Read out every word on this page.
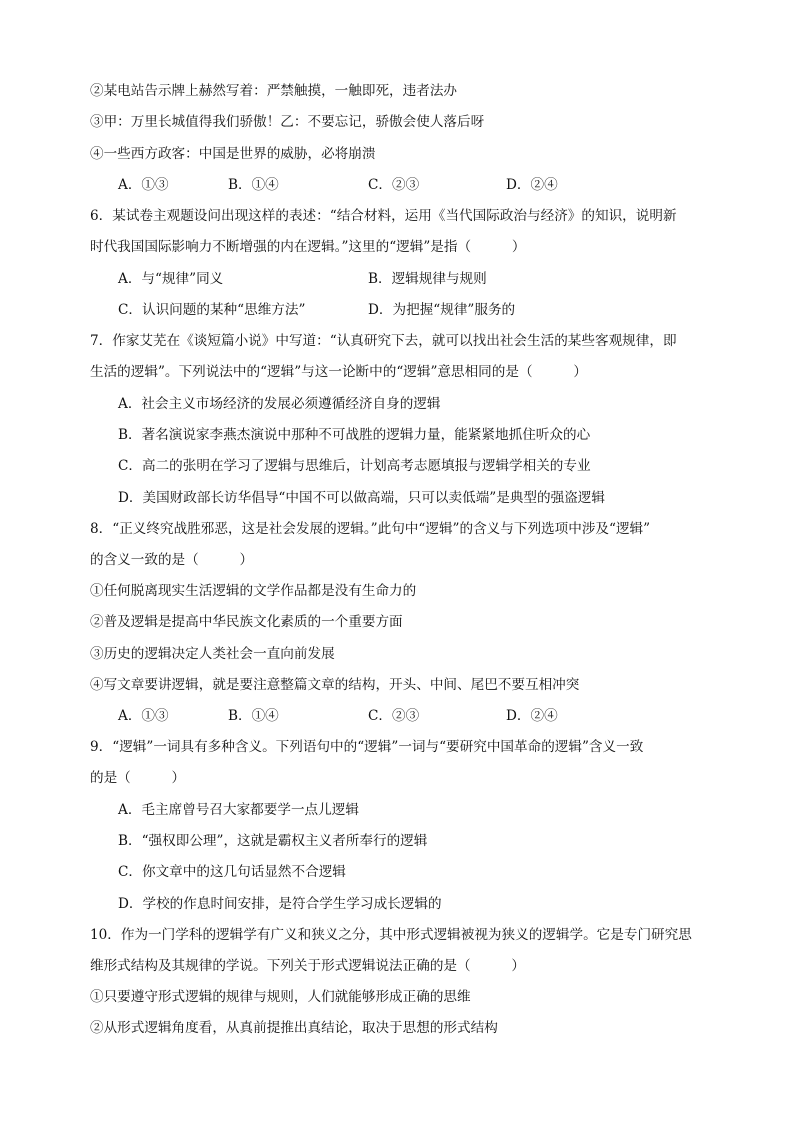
②某电站告示牌上赫然写着：严禁触摸，一触即死，违者法办
③甲：万里长城值得我们骄傲！乙：不要忘记，骄傲会使人落后呀
④一些西方政客：中国是世界的威胁，必将崩溃
A．①③	B．①④	C．②③	D．②④
6．某试卷主观题设问出现这样的表述：“结合材料，运用《当代国际政治与经济》的知识，说明新
时代我国国际影响力不断增强的内在逻辑。”这里的“逻辑”是指（　　　）
A．与“规律”同义	B．逻辑规律与规则
C．认识问题的某种“思维方法”	D．为把握“规律”服务的
7．作家艾芜在《谈短篇小说》中写道：“认真研究下去，就可以找出社会生活的某些客观规律，即
生活的逻辑”。下列说法中的“逻辑”与这一论断中的“逻辑”意思相同的是（　　　）
A．社会主义市场经济的发展必须遵循经济自身的逻辑
B．著名演说家李燕杰演说中那种不可战胜的逻辑力量，能紧紧地抓住听众的心
C．高二的张明在学习了逻辑与思维后，计划高考志愿填报与逻辑学相关的专业
D．美国财政部长访华倡导“中国不可以做高端，只可以卖低端”是典型的强盗逻辑
8．“正义终究战胜邪恶，这是社会发展的逻辑。”此句中“逻辑”的含义与下列选项中涉及“逻辑”
的含义一致的是（　　　）
①任何脱离现实生活逻辑的文学作品都是没有生命力的
②普及逻辑是提高中华民族文化素质的一个重要方面
③历史的逻辑决定人类社会一直向前发展
④写文章要讲逻辑，就是要注意整篇文章的结构，开头、中间、尾巴不要互相冲突
A．①③	B．①④	C．②③	D．②④
9．“逻辑”一词具有多种含义。下列语句中的“逻辑”一词与“要研究中国革命的逻辑”含义一致
的是（　　　）
A．毛主席曾号召大家都要学一点儿逻辑
B．“强权即公理”，这就是霸权主义者所奉行的逻辑
C．你文章中的这几句话显然不合逻辑
D．学校的作息时间安排，是符合学生学习成长逻辑的
10．作为一门学科的逻辑学有广义和狭义之分，其中形式逻辑被视为狭义的逻辑学。它是专门研究思
维形式结构及其规律的学说。下列关于形式逻辑说法正确的是（　　　）
①只要遵守形式逻辑的规律与规则，人们就能够形成正确的思维
②从形式逻辑角度看，从真前提推出真结论，取决于思想的形式结构
